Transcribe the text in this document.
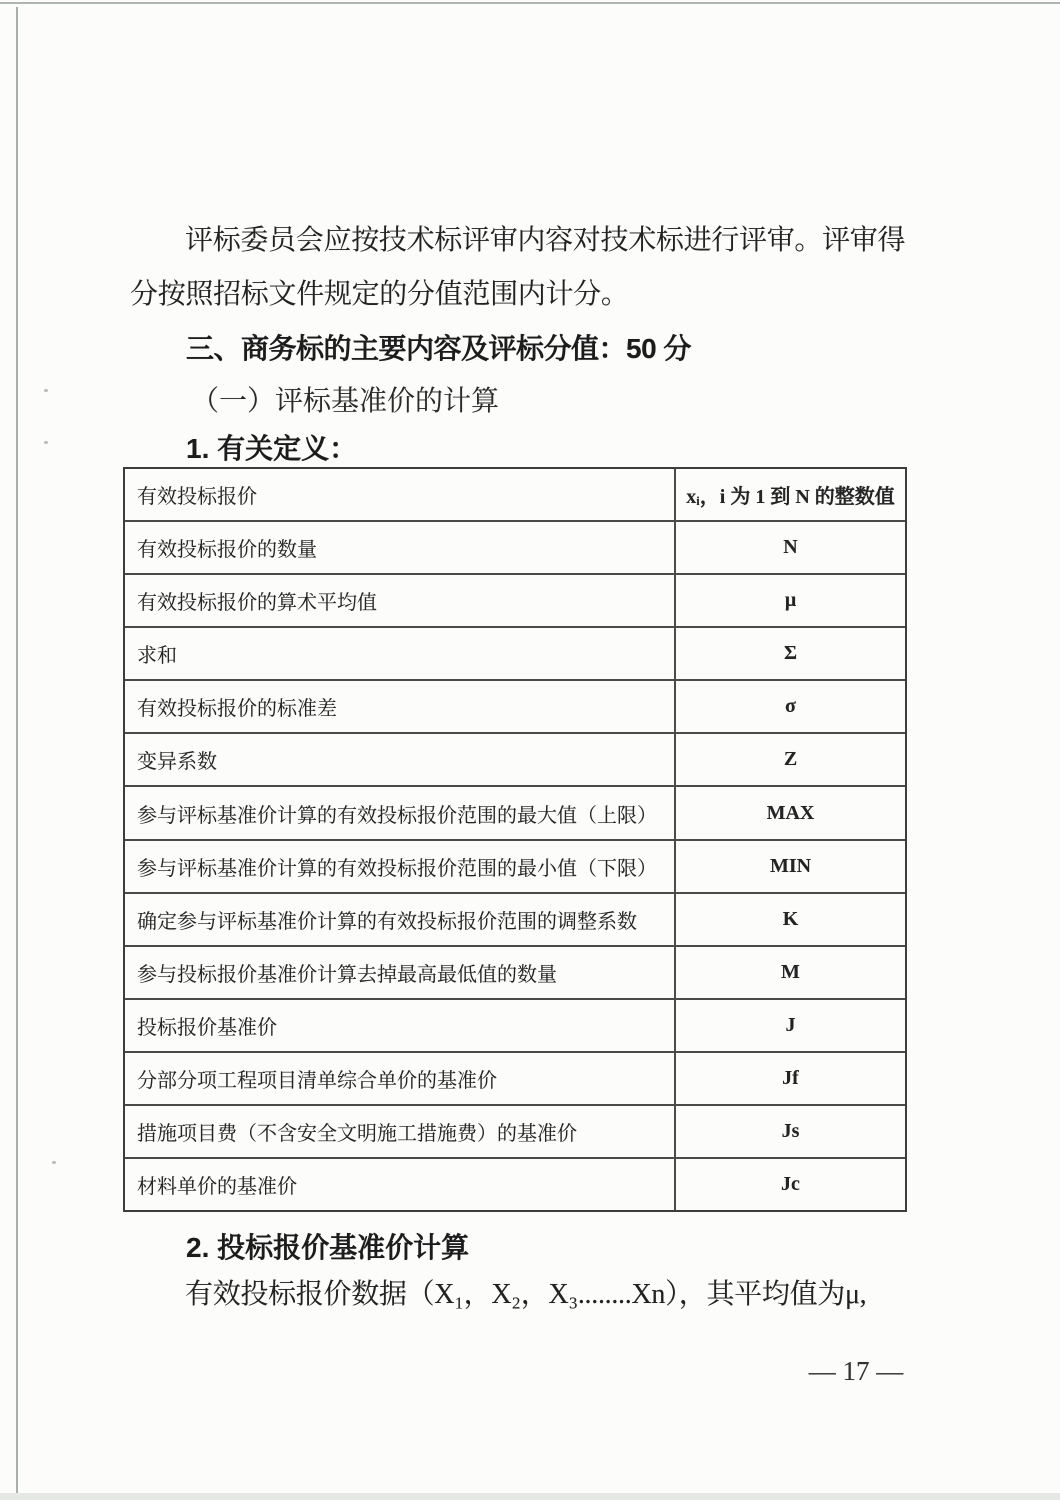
评标委员会应按技术标评审内容对技术标进行评审。评审得
分按照招标文件规定的分值范围内计分。
三、商务标的主要内容及评标分值：50 分
（一）评标基准价的计算
1. 有关定义：
有效投标报价	xᵢ，i 为 1 到 N 的整数值
有效投标报价的数量	N
有效投标报价的算术平均值	μ
求和	Σ
有效投标报价的标准差	σ
变异系数	Z
参与评标基准价计算的有效投标报价范围的最大值（上限）	MAX
参与评标基准价计算的有效投标报价范围的最小值（下限）	MIN
确定参与评标基准价计算的有效投标报价范围的调整系数	K
参与投标报价基准价计算去掉最高最低值的数量	M
投标报价基准价	J
分部分项工程项目清单综合单价的基准价	Jf
措施项目费（不含安全文明施工措施费）的基准价	Js
材料单价的基准价	Jc
2. 投标报价基准价计算
有效投标报价数据（X₁，X₂，X₃........Xn），其平均值为μ,
— 17 —
